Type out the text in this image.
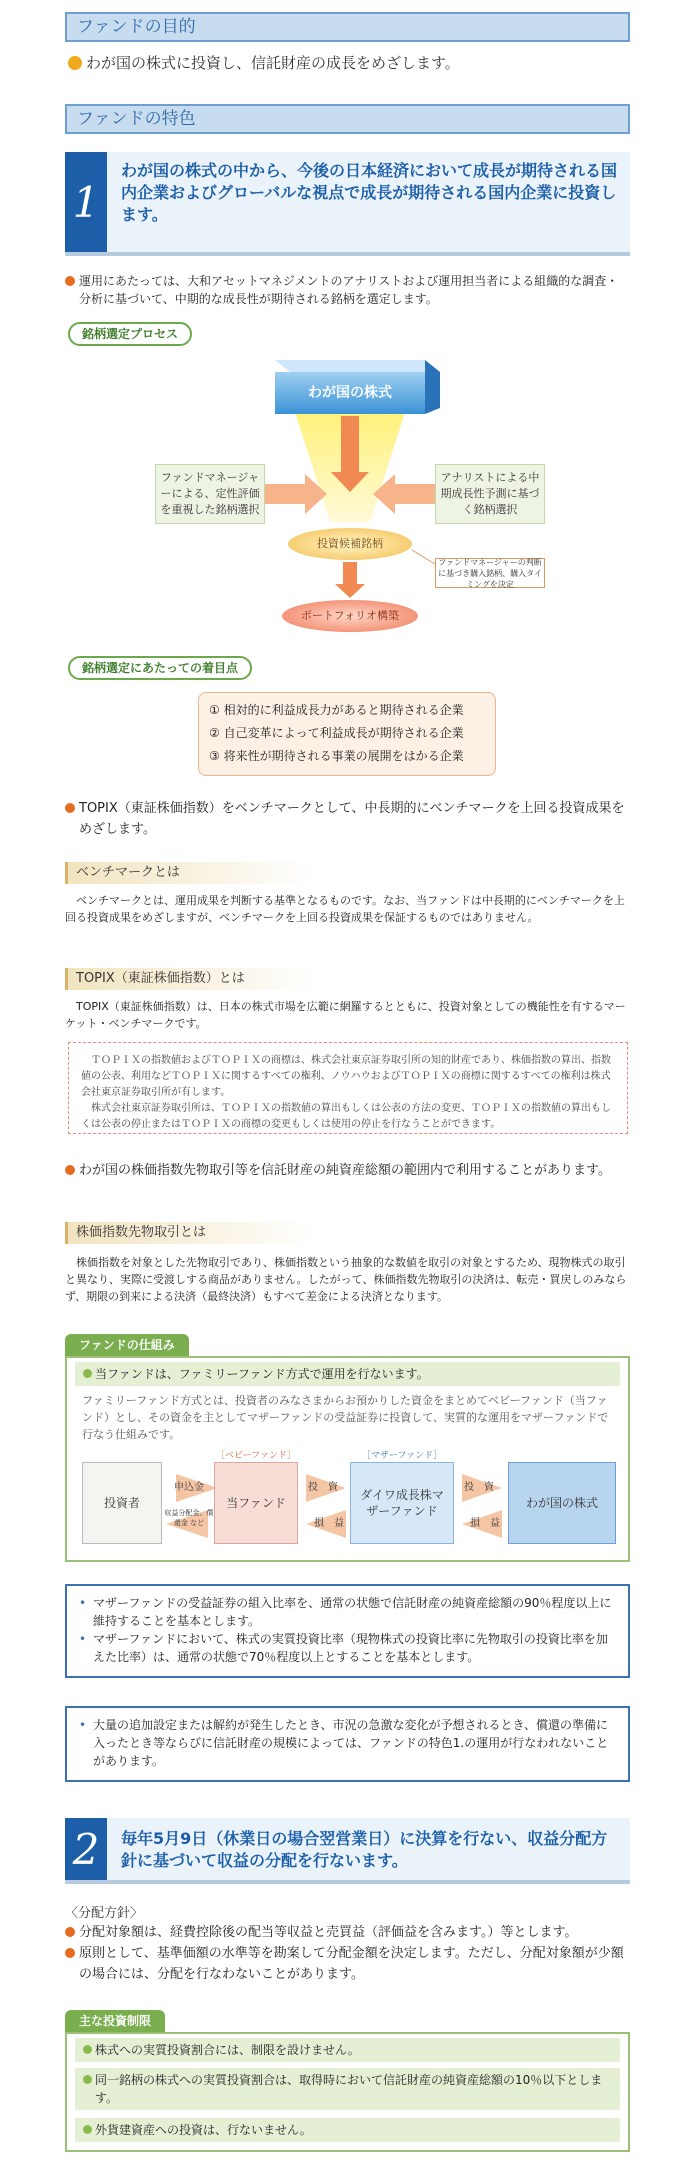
ファンドの目的
わが国の株式に投資し、信託財産の成長をめざします。
ファンドの特色
1
わが国の株式の中から、今後の日本経済において成長が期待される国内企業およびグローバルな視点で成長が期待される国内企業に投資します。
運用にあたっては、大和アセットマネジメントのアナリストおよび運用担当者による組織的な調査・分析に基づいて、中期的な成長性が期待される銘柄を選定します。
銘柄選定プロセス
わが国の株式
ファンドマネージャーによる、定性評価を重視した銘柄選択
アナリストによる中期成長性予測に基づく銘柄選択
投資候補銘柄
ファンドマネージャーの判断に基づき購入銘柄、購入タイミングを決定
ポートフォリオ構築
銘柄選定にあたっての着目点
① 相対的に利益成長力があると期待される企業
② 自己変革によって利益成長が期待される企業
③ 将来性が期待される事業の展開をはかる企業
TOPIX（東証株価指数）をベンチマークとして、中長期的にベンチマークを上回る投資成果をめざします。
ベンチマークとは
ベンチマークとは、運用成果を判断する基準となるものです。なお、当ファンドは中長期的にベンチマークを上回る投資成果をめざしますが、ベンチマークを上回る投資成果を保証するものではありません。
TOPIX（東証株価指数）とは
TOPIX（東証株価指数）は、日本の株式市場を広範に網羅するとともに、投資対象としての機能性を有するマーケット・ベンチマークです。
ＴＯＰＩＸの指数値およびＴＯＰＩＸの商標は、株式会社東京証券取引所の知的財産であり、株価指数の算出、指数値の公表、利用などＴＯＰＩＸに関するすべての権利、ノウハウおよびＴＯＰＩＸの商標に関するすべての権利は株式会社東京証券取引所が有します。
株式会社東京証券取引所は、ＴＯＰＩＸの指数値の算出もしくは公表の方法の変更、ＴＯＰＩＸの指数値の算出もしくは公表の停止またはＴＯＰＩＸの商標の変更もしくは使用の停止を行なうことができます。
わが国の株価指数先物取引等を信託財産の純資産総額の範囲内で利用することがあります。
株価指数先物取引とは
株価指数を対象とした先物取引であり、株価指数という抽象的な数値を取引の対象とするため、現物株式の取引と異なり、実際に受渡しする商品がありません。したがって、株価指数先物取引の決済は、転売・買戻しのみならず、期限の到来による決済（最終決済）もすべて差金による決済となります。
ファンドの仕組み
当ファンドは、ファミリーファンド方式で運用を行ないます。
ファミリーファンド方式とは、投資者のみなさまからお預かりした資金をまとめてベビーファンド（当ファンド）とし、その資金を主としてマザーファンドの受益証券に投資して、実質的な運用をマザーファンドで行なう仕組みです。
投資者
申込金
収益分配金、償還金 など
［ベビーファンド］
当ファンド
投　資
損　益
［マザーファンド］
ダイワ成長株マザーファンド
投　資
損　益
わが国の株式
• マザーファンドの受益証券の組入比率を、通常の状態で信託財産の純資産総額の90％程度以上に維持することを基本とします。
• マザーファンドにおいて、株式の実質投資比率（現物株式の投資比率に先物取引の投資比率を加えた比率）は、通常の状態で70％程度以上とすることを基本とします。
• 大量の追加設定または解約が発生したとき、市況の急激な変化が予想されるとき、償還の準備に入ったとき等ならびに信託財産の規模によっては、ファンドの特色1.の運用が行なわれないことがあります。
2	毎年5月9日（休業日の場合翌営業日）に決算を行ない、収益分配方針に基づいて収益の分配を行ないます。
〈分配方針〉
分配対象額は、経費控除後の配当等収益と売買益（評価益を含みます。）等とします。
原則として、基準価額の水準等を勘案して分配金額を決定します。ただし、分配対象額が少額の場合には、分配を行なわないことがあります。
主な投資制限
株式への実質投資割合には、制限を設けません。
同一銘柄の株式への実質投資割合は、取得時において信託財産の純資産総額の10％以下とします。
外貨建資産への投資は、行ないません。
